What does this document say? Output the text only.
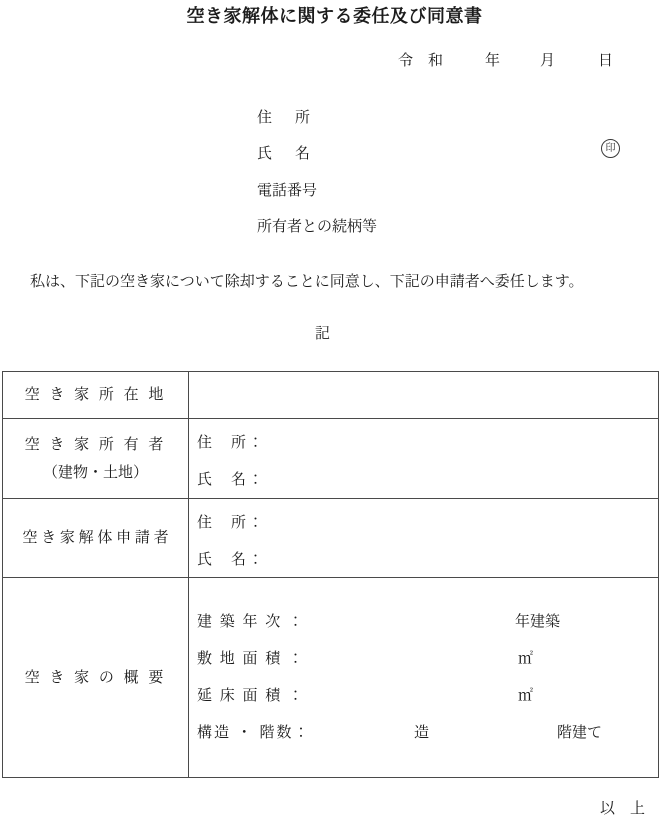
空き家解体に関する委任及び同意書
令　和	年	月	日
住　所
氏　名	印
電話番号
所有者との続柄等
私は、下記の空き家について除却することに同意し、下記の申請者へ委任します。
記
空 き 家 所 在 地
空 き 家 所 有 者
（建物・土地）
住　所：
氏　名：
空 き 家 解 体 申 請 者
住　所：
氏　名：
空 き 家 の 概 要
建 築 年 次 ：	年建築
敷 地 面 積 ：	㎡
延 床 面 積 ：	㎡
構造 ・ 階数：	造	階建て
以　上
